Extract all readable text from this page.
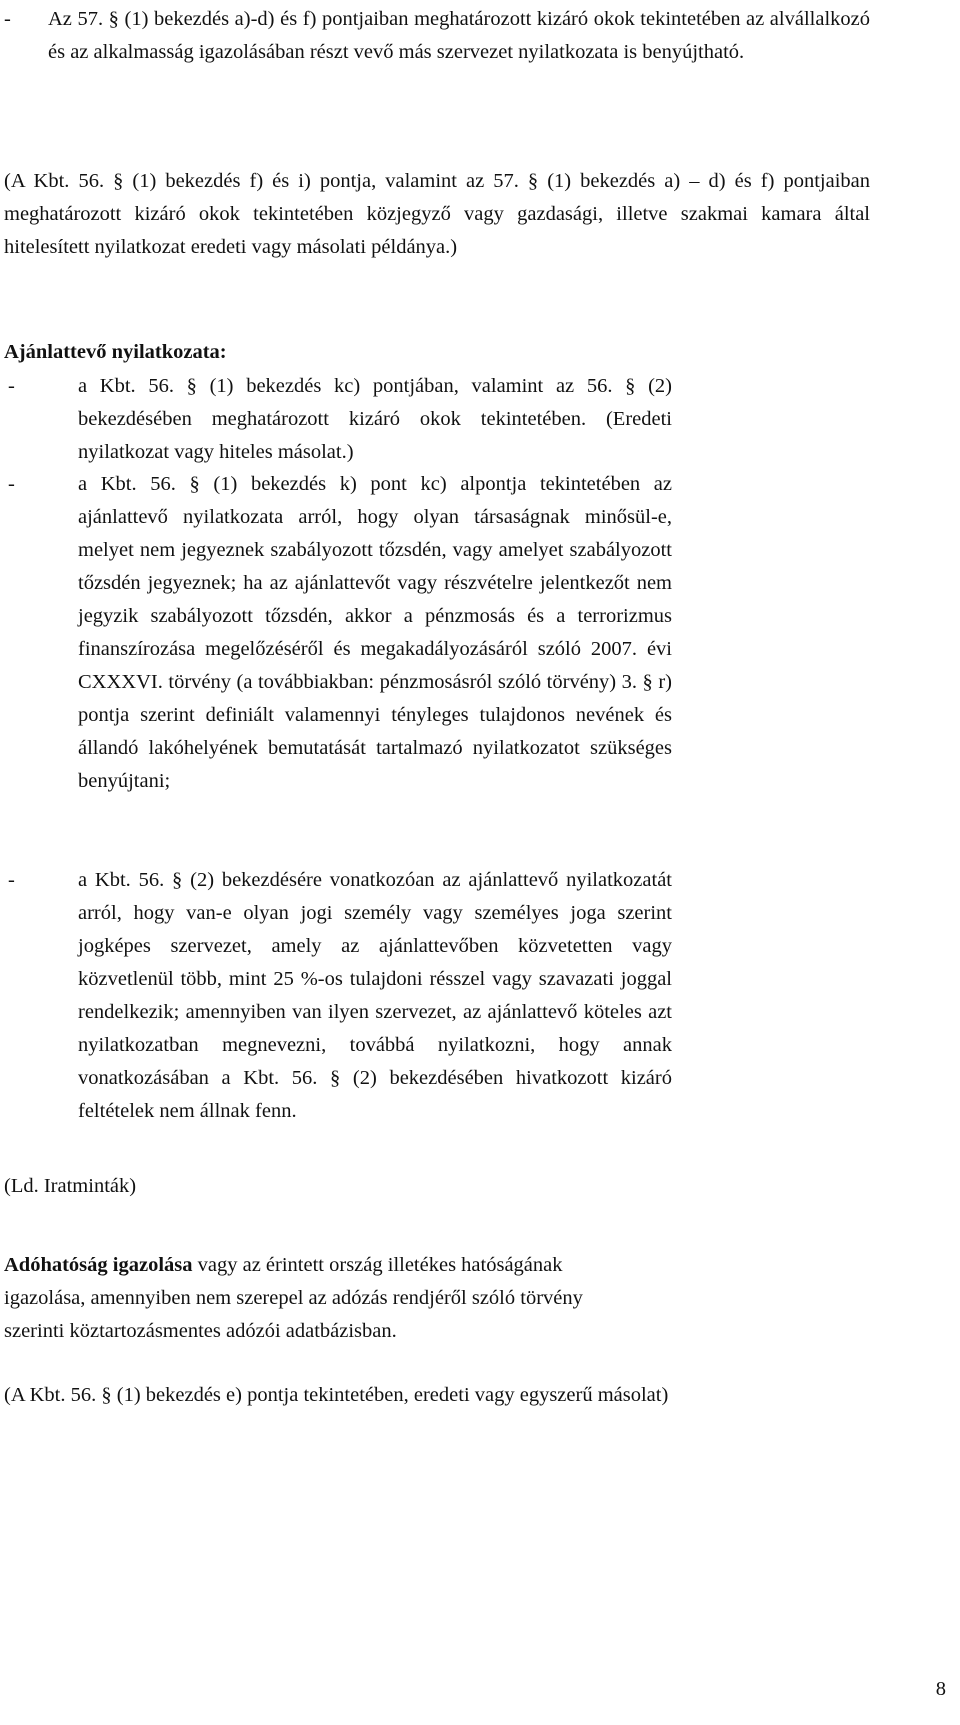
- Az 57. § (1) bekezdés a)-d) és f) pontjaiban meghatározott kizáró okok tekintetében az alvállalkozó és az alkalmasság igazolásában részt vevő más szervezet nyilatkozata is benyújtható.
(A Kbt. 56. § (1) bekezdés f) és i) pontja, valamint az 57. § (1) bekezdés a) – d) és f) pontjaiban meghatározott kizáró okok tekintetében közjegyző vagy gazdasági, illetve szakmai kamara által hitelesített nyilatkozat eredeti vagy másolati példánya.)
Ajánlattevő nyilatkozata:
-	a Kbt. 56. § (1) bekezdés kc) pontjában, valamint az 56. § (2) bekezdésében meghatározott kizáró okok tekintetében. (Eredeti nyilatkozat vagy hiteles másolat.)
-	a Kbt. 56. § (1) bekezdés k) pont kc) alpontja tekintetében az ajánlattevő nyilatkozata arról, hogy olyan társaságnak minősül-e, melyet nem jegyeznek szabályozott tőzsdén, vagy amelyet szabályozott tőzsdén jegyeznek; ha az ajánlattevőt vagy részvételre jelentkezőt nem jegyzik szabályozott tőzsdén, akkor a pénzmosás és a terrorizmus finanszírozása megelőzéséről és megakadályozásáról szóló 2007. évi CXXXVI. törvény (a továbbiakban: pénzmosásról szóló törvény) 3. § r) pontja szerint definiált valamennyi tényleges tulajdonos nevének és állandó lakóhelyének bemutatását tartalmazó nyilatkozatot szükséges benyújtani;
-	a Kbt. 56. § (2) bekezdésére vonatkozóan az ajánlattevő nyilatkozatát arról, hogy van-e olyan jogi személy vagy személyes joga szerint jogképes szervezet, amely az ajánlattevőben közvetetten vagy közvetlenül több, mint 25 %-os tulajdoni résszel vagy szavazati joggal rendelkezik; amennyiben van ilyen szervezet, az ajánlattevő köteles azt nyilatkozatban megnevezni, továbbá nyilatkozni, hogy annak vonatkozásában a Kbt. 56. § (2) bekezdésében hivatkozott kizáró feltételek nem állnak fenn.
(Ld. Iratminták)
Adóhatóság igazolása vagy az érintett ország illetékes hatóságának igazolása, amennyiben nem szerepel az adózás rendjéről szóló törvény szerinti köztartozásmentes adózói adatbázisban.
(A Kbt. 56. § (1) bekezdés e) pontja tekintetében, eredeti vagy egyszerű másolat)
8
